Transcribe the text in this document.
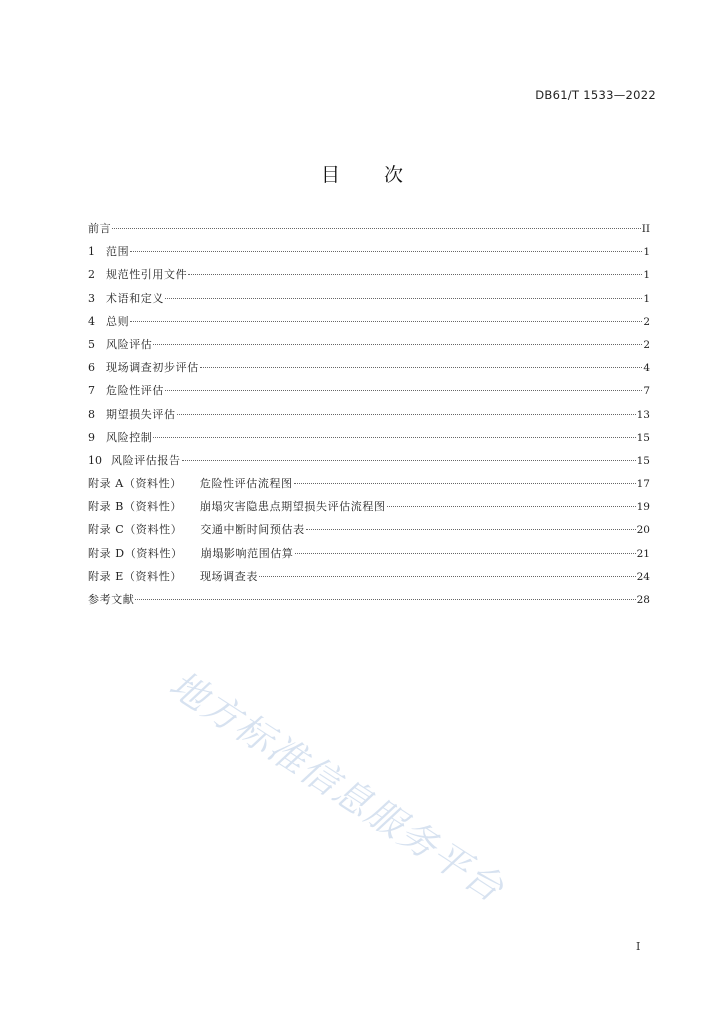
DB61/T 1533—2022
目 次
前言	II
1	范围	1
2	规范性引用文件	1
3	术语和定义	1
4	总则	2
5	风险评估	2
6	现场调查初步评估	4
7	危险性评估	7
8	期望损失评估	13
9	风险控制	15
10 风险评估报告	15
附录 A（资料性） 危险性评估流程图	17
附录 B（资料性） 崩塌灾害隐患点期望损失评估流程图	19
附录 C（资料性） 交通中断时间预估表	20
附录 D（资料性） 崩塌影响范围估算	21
附录 E（资料性） 现场调查表	24
参考文献	28
地方标准信息服务平台
I
